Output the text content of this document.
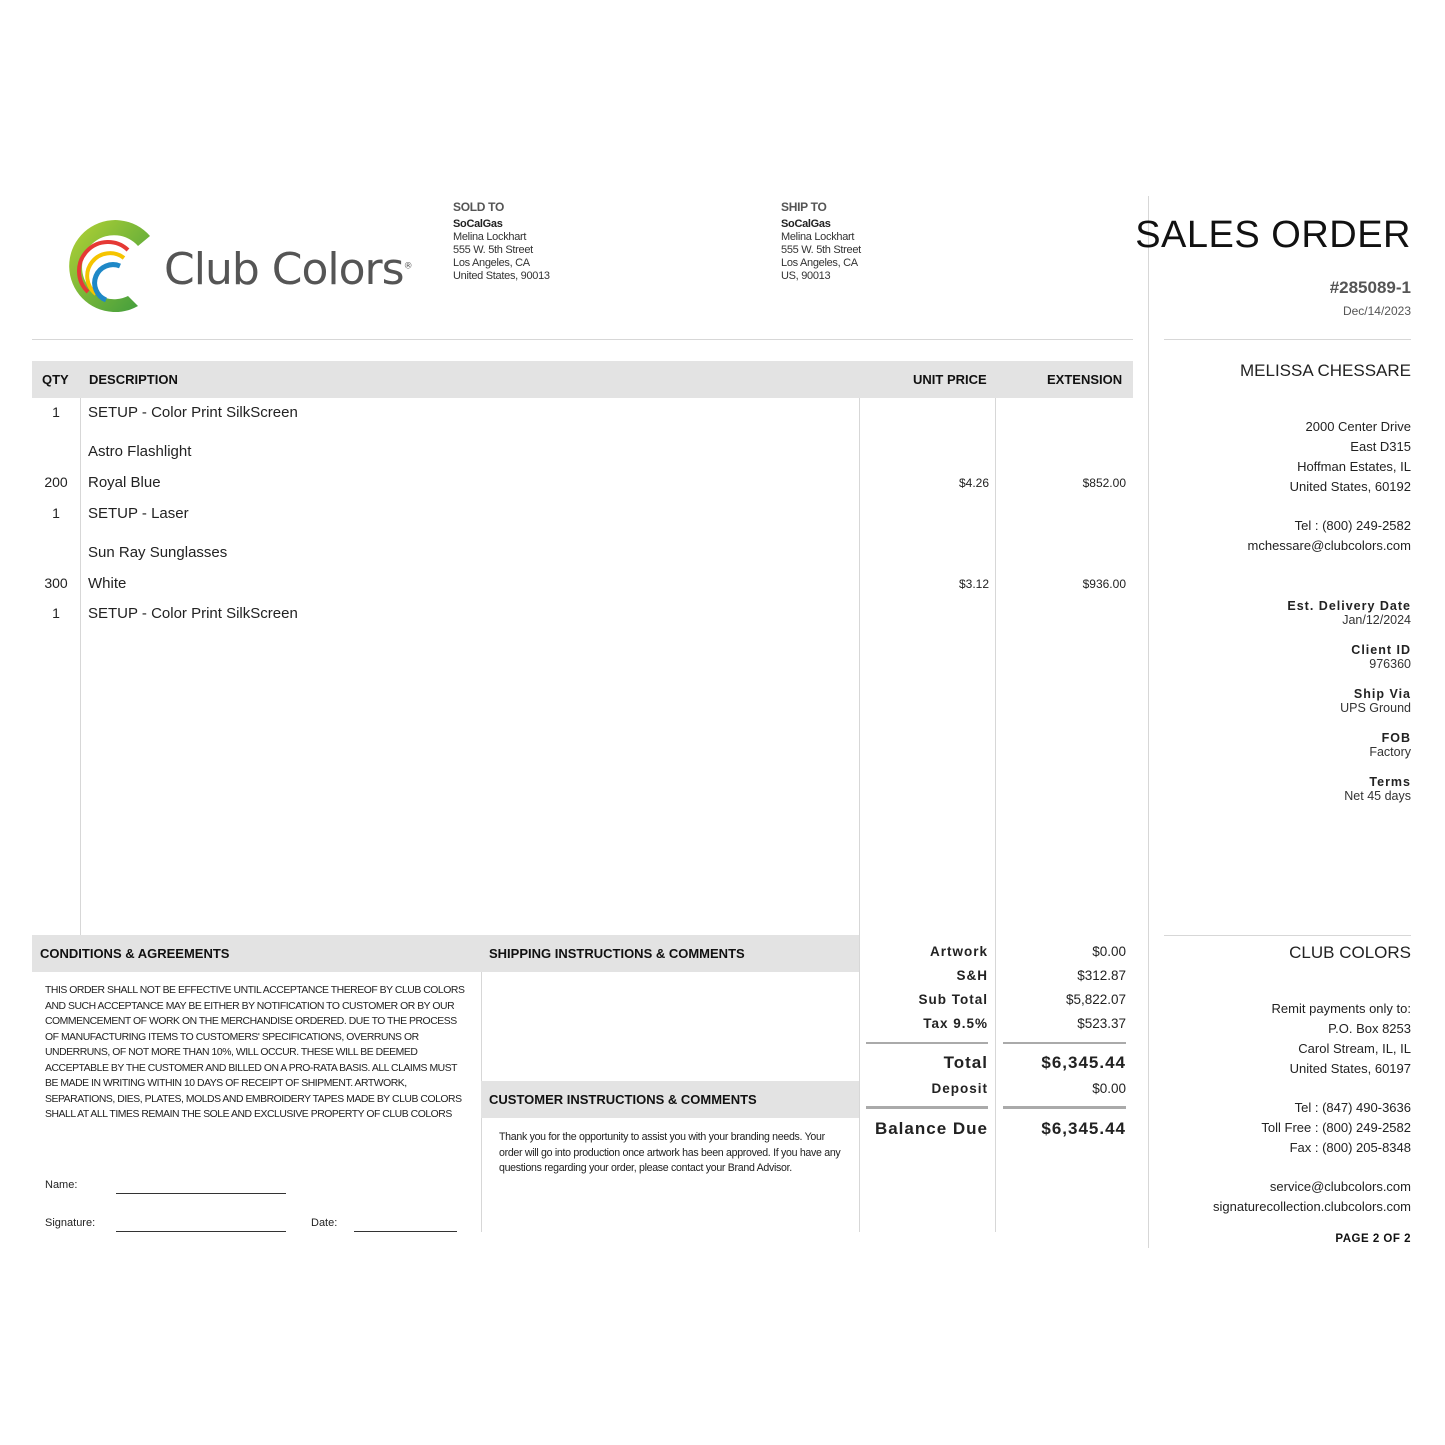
Club Colors®
SOLD TO
SoCalGas
Melina Lockhart
555 W. 5th Street
Los Angeles, CA
United States, 90013
SHIP TO
SoCalGas
Melina Lockhart
555 W. 5th Street
Los Angeles, CA
US, 90013
SALES ORDER
#285089-1
Dec/14/2023
MELISSA CHESSARE
2000 Center Drive
East D315
Hoffman Estates, IL
United States, 60192
Tel : (800) 249-2582
mchessare@clubcolors.com
Est. Delivery Date
Jan/12/2024
Client ID
976360
Ship Via
UPS Ground
FOB
Factory
Terms
Net 45 days
QTY DESCRIPTION	UNIT PRICE	EXTENSION
1	SETUP - Color Print SilkScreen
Astro Flashlight
200	Royal Blue	$4.26	$852.00
1	SETUP - Laser
Sun Ray Sunglasses
300	White	$3.12	$936.00
1	SETUP - Color Print SilkScreen
CONDITIONS & AGREEMENTS	SHIPPING INSTRUCTIONS & COMMENTS
THIS ORDER SHALL NOT BE EFFECTIVE UNTIL ACCEPTANCE THEREOF BY CLUB COLORS AND SUCH ACCEPTANCE MAY BE EITHER BY NOTIFICATION TO CUSTOMER OR BY OUR COMMENCEMENT OF WORK ON THE MERCHANDISE ORDERED. DUE TO THE PROCESS OF MANUFACTURING ITEMS TO CUSTOMERS' SPECIFICATIONS, OVERRUNS OR UNDERRUNS, OF NOT MORE THAN 10%, WILL OCCUR. THESE WILL BE DEEMED ACCEPTABLE BY THE CUSTOMER AND BILLED ON A PRO-RATA BASIS. ALL CLAIMS MUST BE MADE IN WRITING WITHIN 10 DAYS OF RECEIPT OF SHIPMENT. ARTWORK, SEPARATIONS, DIES, PLATES, MOLDS AND EMBROIDERY TAPES MADE BY CLUB COLORS SHALL AT ALL TIMES REMAIN THE SOLE AND EXCLUSIVE PROPERTY OF CLUB COLORS
Name:
Signature:	Date:
CUSTOMER INSTRUCTIONS & COMMENTS
Thank you for the opportunity to assist you with your branding needs. Your order will go into production once artwork has been approved. If you have any questions regarding your order, please contact your Brand Advisor.
Artwork	$0.00
S&H	$312.87
Sub Total	$5,822.07
Tax 9.5%	$523.37
Total	$6,345.44
Deposit	$0.00
Balance Due	$6,345.44
CLUB COLORS
Remit payments only to:
P.O. Box 8253
Carol Stream, IL, IL
United States, 60197
Tel : (847) 490-3636
Toll Free : (800) 249-2582
Fax : (800) 205-8348
service@clubcolors.com
signaturecollection.clubcolors.com
PAGE 2 OF 2
